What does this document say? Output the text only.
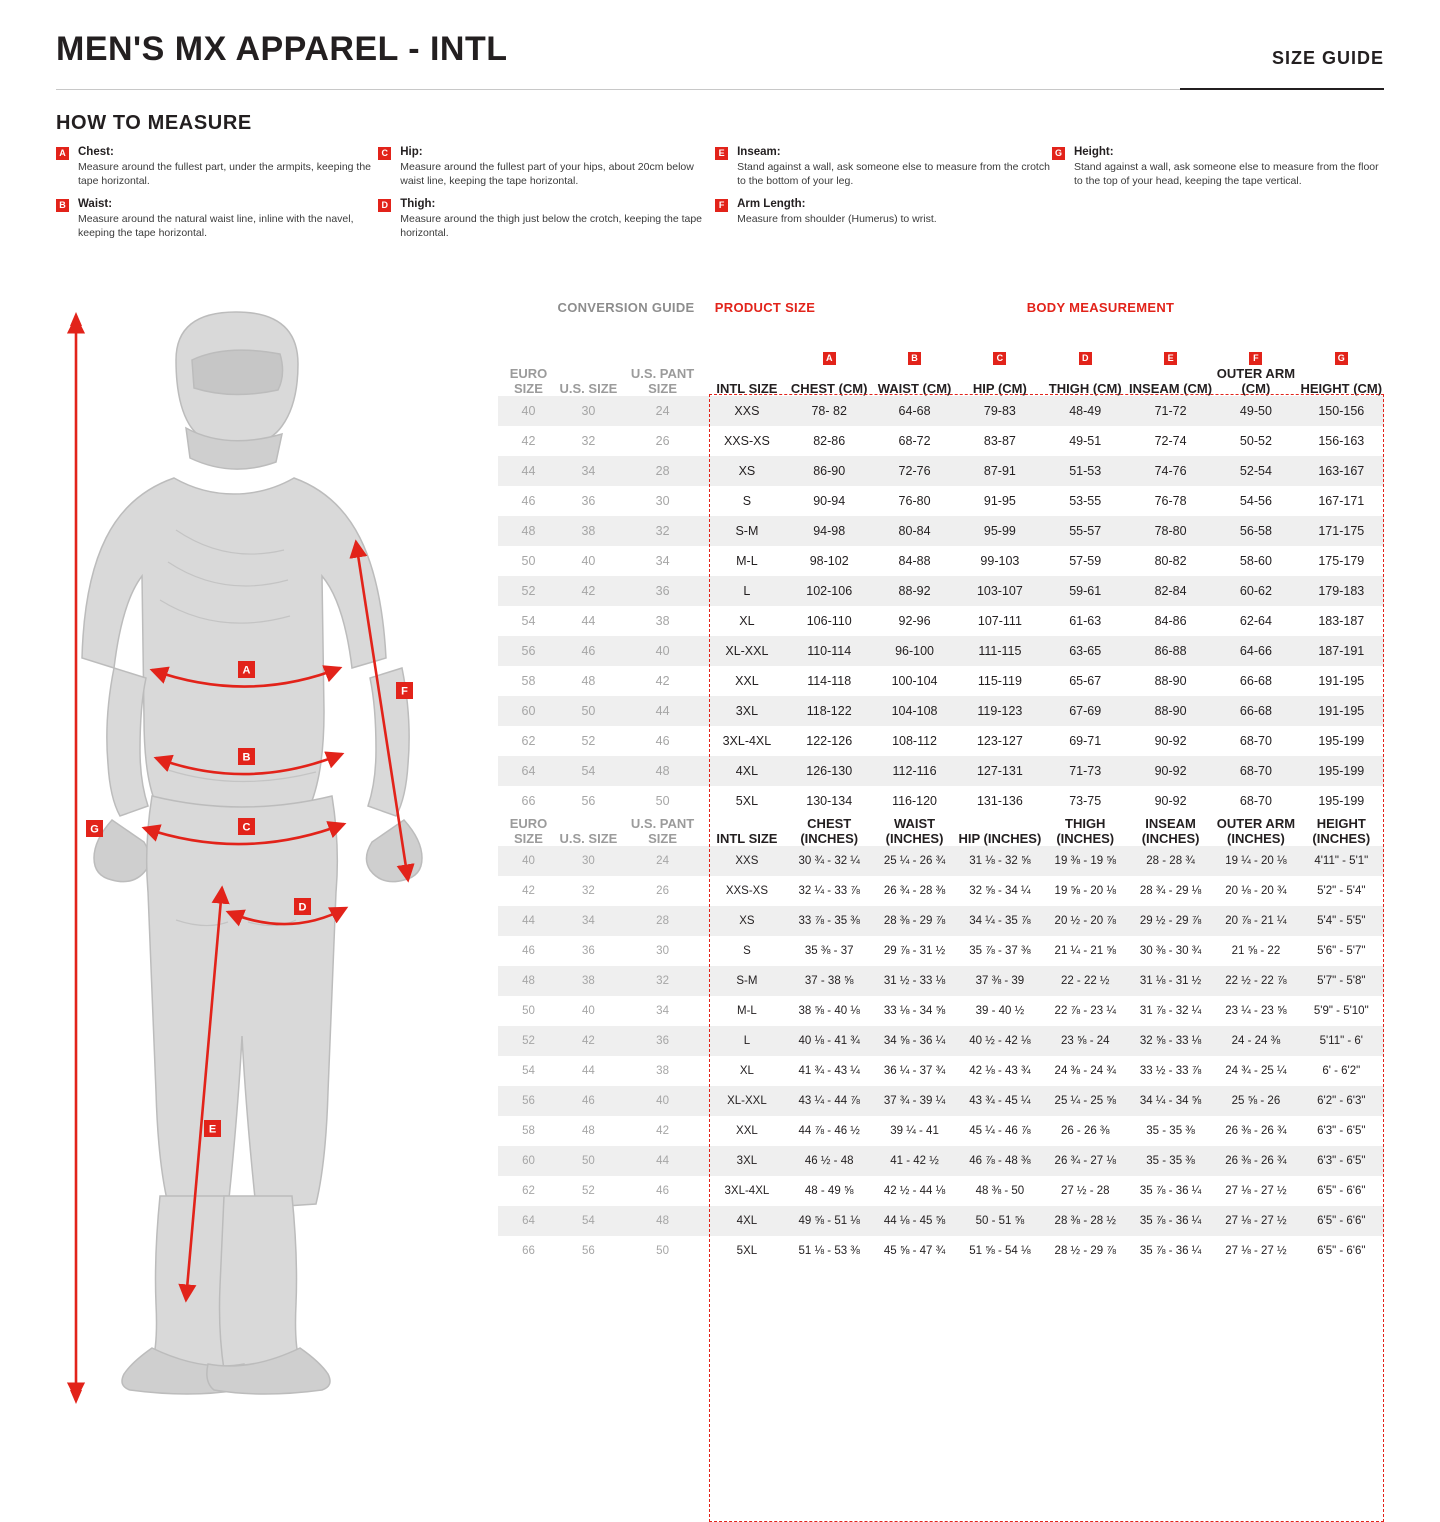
MEN'S MX APPAREL - INTL	SIZE GUIDE
HOW TO MEASURE
A Chest:
Measure around the fullest part, under the armpits, keeping the tape horizontal.
B Waist:
Measure around the natural waist line, inline with the navel, keeping the tape horizontal.
C Hip:
Measure around the fullest part of your hips, about 20cm below waist line, keeping the tape horizontal.
D Thigh:
Measure around the thigh just below the crotch, keeping the tape horizontal.
E	Inseam:
Stand against a wall, ask someone else to measure from the crotch to the bottom of your leg.
F	Arm Length:
Measure from shoulder (Humerus) to wrist.
G Height:
Stand against a wall, ask someone else to measure from the floor to the top of your head, keeping the tape vertical.
A
B
C
D
E
F
G
CONVERSION GUIDE	PRODUCT SIZE	BODY MEASUREMENT
				A	B	C	D	E	F	G
EURO SIZE	U.S. SIZE	U.S. PANT SIZE	INTL SIZE	CHEST (CM)	WAIST (CM)	HIP (CM)	THIGH (CM)	INSEAM (CM)	OUTER ARM (CM)	HEIGHT (CM)
40	30	24	XXS	78- 82	64-68	79-83	48-49	71-72	49-50	150-156
42	32	26	XXS-XS	82-86	68-72	83-87	49-51	72-74	50-52	156-163
44	34	28	XS	86-90	72-76	87-91	51-53	74-76	52-54	163-167
46	36	30	S	90-94	76-80	91-95	53-55	76-78	54-56	167-171
48	38	32	S-M	94-98	80-84	95-99	55-57	78-80	56-58	171-175
50	40	34	M-L	98-102	84-88	99-103	57-59	80-82	58-60	175-179
52	42	36	L	102-106	88-92	103-107	59-61	82-84	60-62	179-183
54	44	38	XL	106-110	92-96	107-111	61-63	84-86	62-64	183-187
56	46	40	XL-XXL	110-114	96-100	111-115	63-65	86-88	64-66	187-191
58	48	42	XXL	114-118	100-104	115-119	65-67	88-90	66-68	191-195
60	50	44	3XL	118-122	104-108	119-123	67-69	88-90	66-68	191-195
62	52	46	3XL-4XL	122-126	108-112	123-127	69-71	90-92	68-70	195-199
64	54	48	4XL	126-130	112-116	127-131	71-73	90-92	68-70	195-199
66	56	50	5XL	130-134	116-120	131-136	73-75	90-92	68-70	195-199
EURO SIZE	U.S. SIZE	U.S. PANT SIZE	INTL SIZE	CHEST (INCHES)	WAIST (INCHES)	HIP (INCHES)	THIGH (INCHES)	INSEAM (INCHES)	OUTER ARM (INCHES)	HEIGHT (INCHES)
40	30	24	XXS	30 ¾ - 32 ¼	25 ¼ - 26 ¾	31 ⅛ - 32 ⅝	19 ⅜ - 19 ⅝	28 - 28 ¾	19 ¼ - 20 ⅛	4'11" - 5'1"
42	32	26	XXS-XS	32 ¼ - 33 ⅞	26 ¾ - 28 ⅜	32 ⅝ - 34 ¼	19 ⅝ - 20 ⅛	28 ¾ - 29 ⅛	20 ⅛ - 20 ¾	5'2" - 5'4"
44	34	28	XS	33 ⅞ - 35 ⅜	28 ⅜ - 29 ⅞	34 ¼ - 35 ⅞	20 ½ - 20 ⅞	29 ½ - 29 ⅞	20 ⅞ - 21 ¼	5'4" - 5'5"
46	36	30	S	35 ⅜ - 37	29 ⅞ - 31 ½	35 ⅞ - 37 ⅜	21 ¼ - 21 ⅝	30 ⅜ - 30 ¾	21 ⅝ - 22	5'6" - 5'7"
48	38	32	S-M	37 - 38 ⅝	31 ½ - 33 ⅛	37 ⅜ - 39	22 - 22 ½	31 ⅛ - 31 ½	22 ½ - 22 ⅞	5'7" - 5'8"
50	40	34	M-L	38 ⅝ - 40 ⅛	33 ⅛ - 34 ⅝	39 - 40 ½	22 ⅞ - 23 ¼	31 ⅞ - 32 ¼	23 ¼ - 23 ⅝	5'9" - 5'10"
52	42	36	L	40 ⅛ - 41 ¾	34 ⅝ - 36 ¼	40 ½ - 42 ⅛	23 ⅝ - 24	32 ⅝ - 33 ⅛	24 - 24 ⅜	5'11" - 6'
54	44	38	XL	41 ¾ - 43 ¼	36 ¼ - 37 ¾	42 ⅛ - 43 ¾	24 ⅜ - 24 ¾	33 ½ - 33 ⅞	24 ¾ - 25 ¼	6' - 6'2"
56	46	40	XL-XXL	43 ¼ - 44 ⅞	37 ¾ - 39 ¼	43 ¾ - 45 ¼	25 ¼ - 25 ⅝	34 ¼ - 34 ⅝	25 ⅝ - 26	6'2" - 6'3"
58	48	42	XXL	44 ⅞ - 46 ½	39 ¼ - 41	45 ¼ - 46 ⅞	26 - 26 ⅜	35 - 35 ⅜	26 ⅜ - 26 ¾	6'3" - 6'5"
60	50	44	3XL	46 ½ - 48	41 - 42 ½	46 ⅞ - 48 ⅜	26 ¾ - 27 ⅛	35 - 35 ⅜	26 ⅜ - 26 ¾	6'3" - 6'5"
62	52	46	3XL-4XL	48 - 49 ⅝	42 ½ - 44 ⅛	48 ⅜ - 50	27 ½ - 28	35 ⅞ - 36 ¼	27 ⅛ - 27 ½	6'5" - 6'6"
64	54	48	4XL	49 ⅝ - 51 ⅛	44 ⅛ - 45 ⅝	50 - 51 ⅝	28 ⅜ - 28 ½	35 ⅞ - 36 ¼	27 ⅛ - 27 ½	6'5" - 6'6"
66	56	50	5XL	51 ⅛ - 53 ⅜	45 ⅝ - 47 ¾	51 ⅝ - 54 ⅛	28 ½ - 29 ⅞	35 ⅞ - 36 ¼	27 ⅛ - 27 ½	6'5" - 6'6"
